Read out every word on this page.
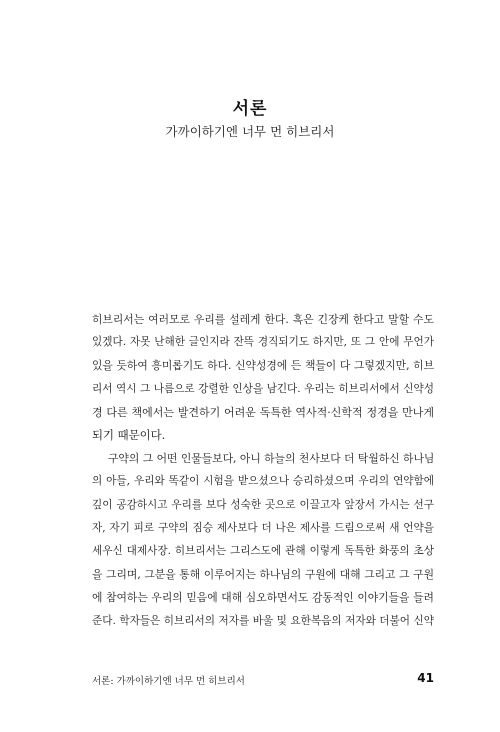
서론
가까이하기엔 너무 먼 히브리서
히브리서는 여러모로 우리를 설레게 한다. 혹은 긴장케 한다고 말할 수도
있겠다. 자못 난해한 글인지라 잔뜩 경직되기도 하지만, 또 그 안에 무언가
있을 듯하여 흥미롭기도 하다. 신약성경에 든 책들이 다 그렇겠지만, 히브
리서 역시 그 나름으로 강렬한 인상을 남긴다. 우리는 히브리서에서 신약성
경 다른 책에서는 발견하기 어려운 독특한 역사적·신학적 정경을 만나게
되기 때문이다.
구약의 그 어떤 인물들보다, 아니 하늘의 천사보다 더 탁월하신 하나님
의 아들, 우리와 똑같이 시험을 받으셨으나 승리하셨으며 우리의 연약함에
깊이 공감하시고 우리를 보다 성숙한 곳으로 이끌고자 앞장서 가시는 선구
자, 자기 피로 구약의 짐승 제사보다 더 나은 제사를 드림으로써 새 언약을
세우신 대제사장. 히브리서는 그리스도에 관해 이렇게 독특한 화풍의 초상
을 그리며, 그분을 통해 이루어지는 하나님의 구원에 대해 그리고 그 구원
에 참여하는 우리의 믿음에 대해 심오하면서도 감동적인 이야기들을 들려
준다. 학자들은 히브리서의 저자를 바울 및 요한복음의 저자와 더불어 신약
서론: 가까이하기엔 너무 먼 히브리서	41
